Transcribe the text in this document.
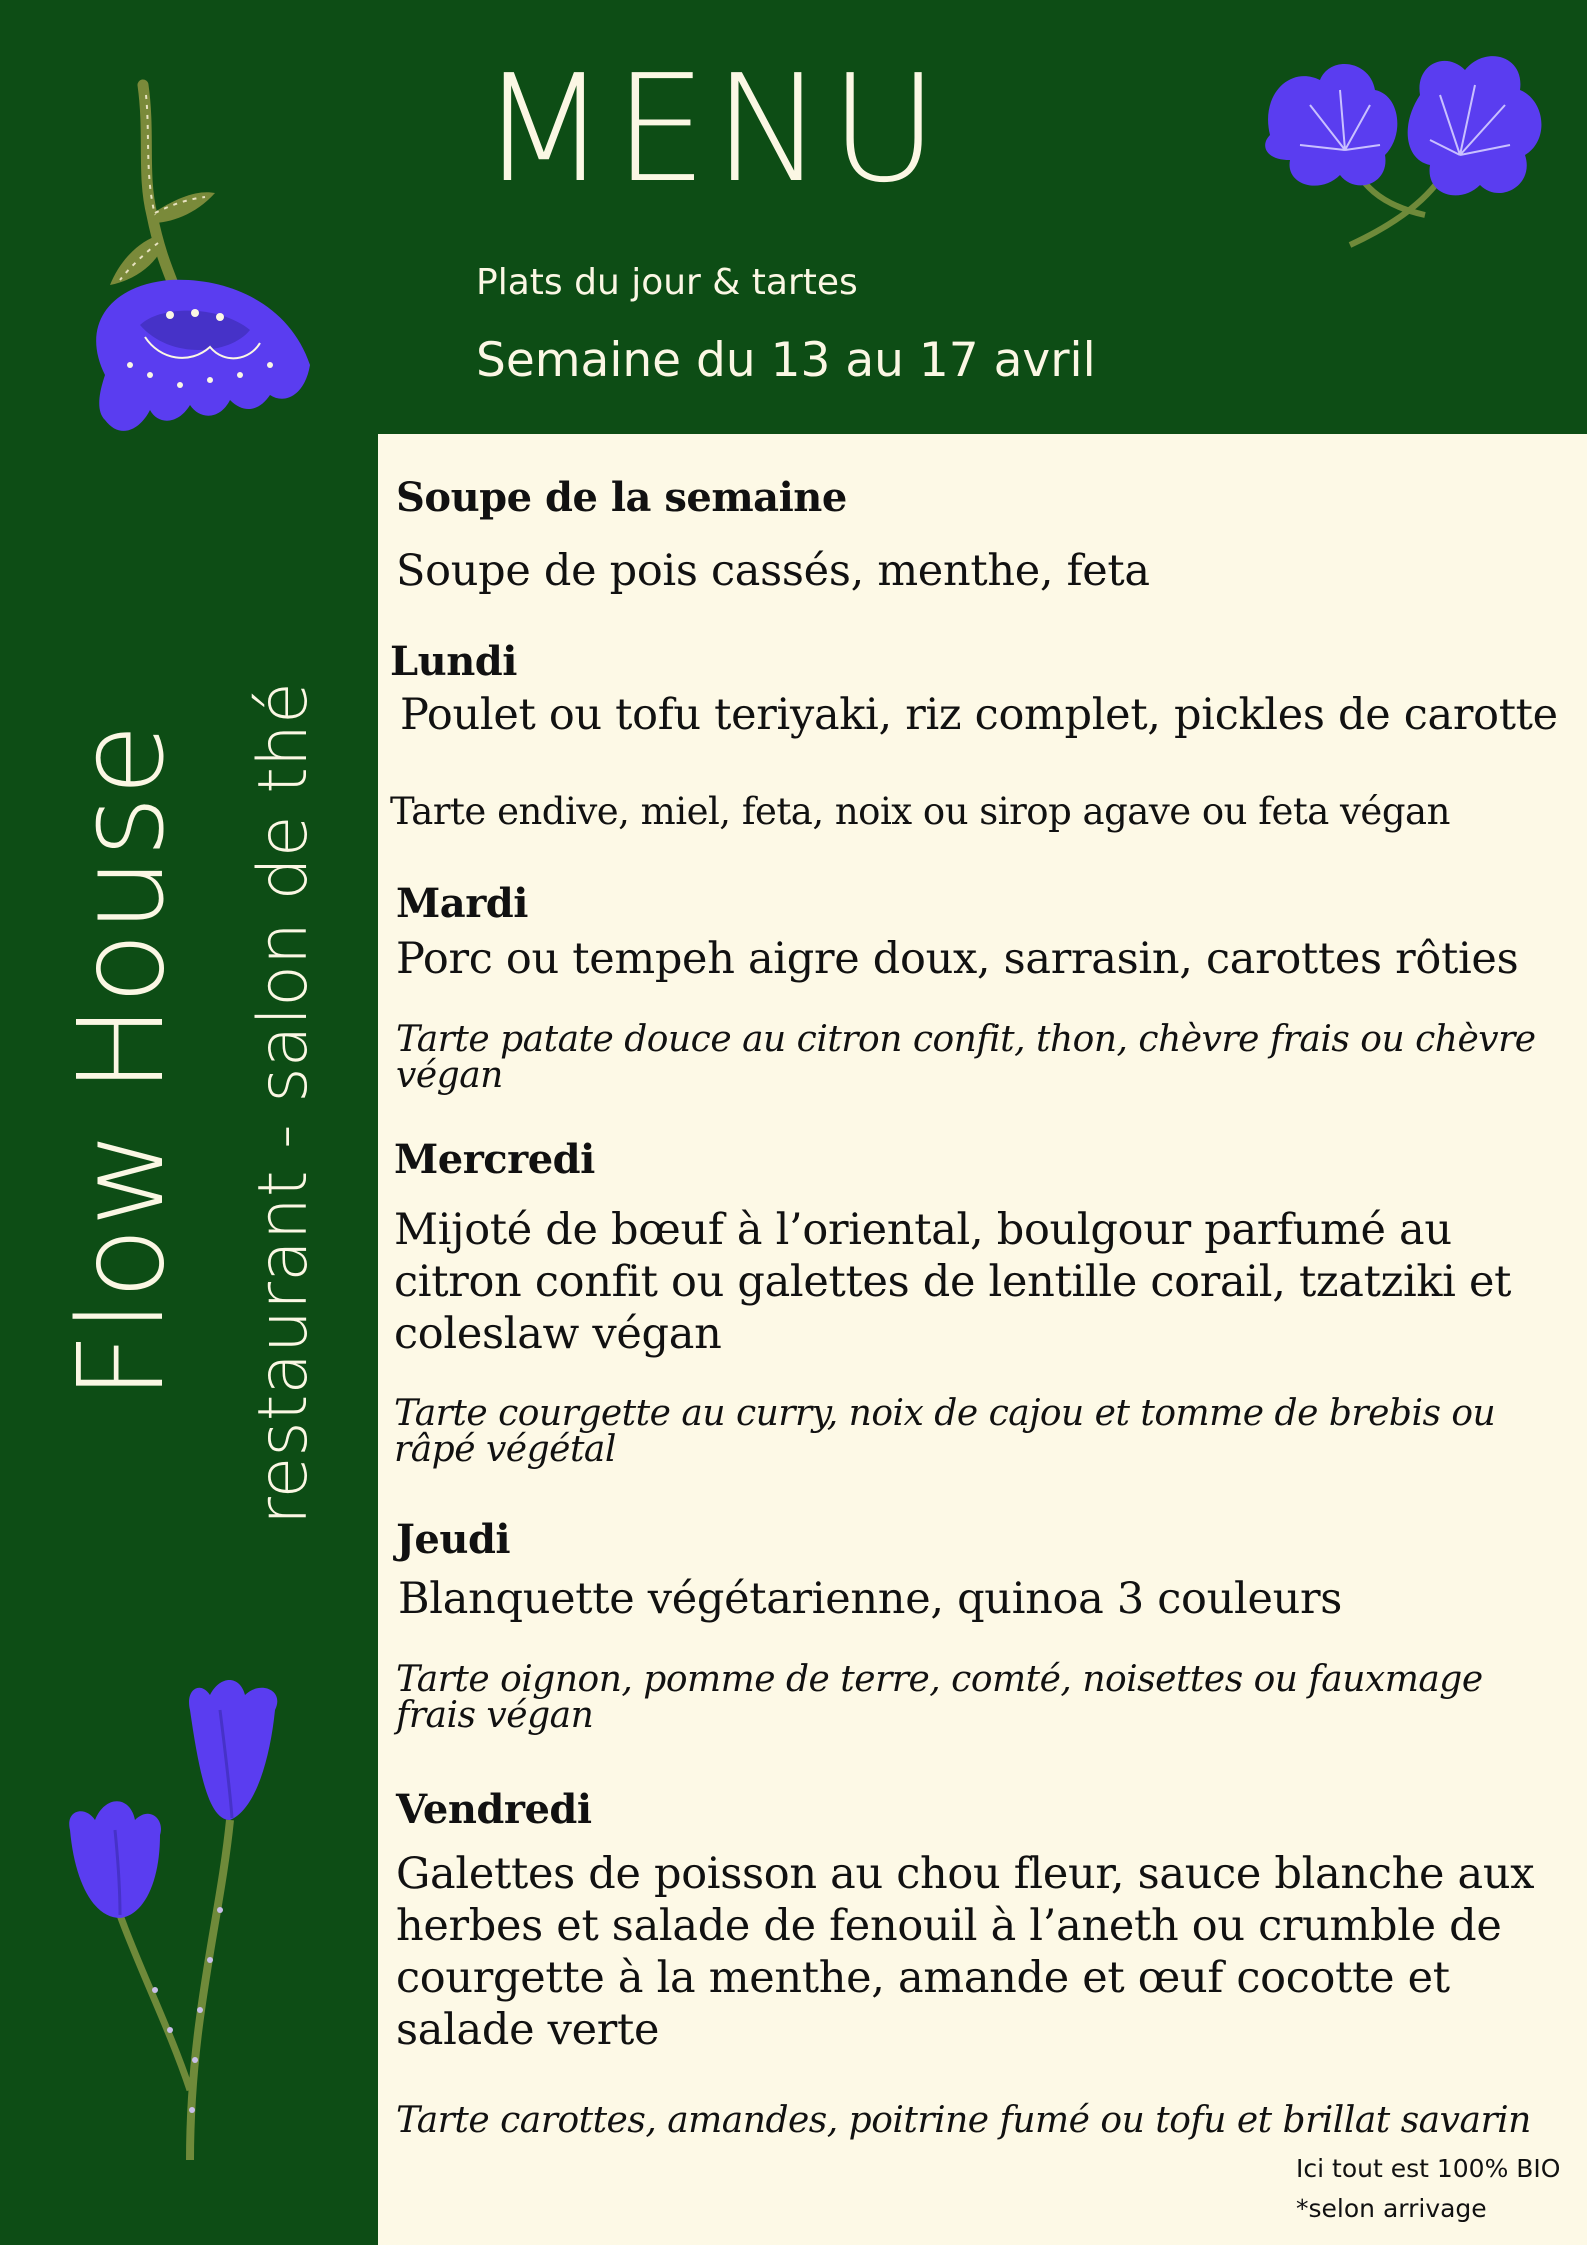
MENU
Plats du jour & tartes
Semaine du 13 au 17 avril
Flow House restaurant - salon de thé
Soupe de la semaine
Soupe de pois cassés, menthe, feta
Lundi
Poulet ou tofu teriyaki, riz complet, pickles de carotte
Tarte endive, miel, feta, noix ou sirop agave ou feta végan
Mardi
Porc ou tempeh aigre doux, sarrasin, carottes rôties
Tarte patate douce au citron confit, thon, chèvre frais ou chèvre végan
Mercredi
Mijoté de bœuf à l’oriental, boulgour parfumé au citron confit ou galettes de lentille corail, tzatziki et coleslaw végan
Tarte courgette au curry, noix de cajou et tomme de brebis ou râpé végétal
Jeudi
Blanquette végétarienne, quinoa 3 couleurs
Tarte oignon, pomme de terre, comté, noisettes ou fauxmage frais végan
Vendredi
Galettes de poisson au chou fleur, sauce blanche aux herbes et salade de fenouil à l’aneth ou crumble de courgette à la menthe, amande et œuf cocotte et salade verte
Tarte carottes, amandes, poitrine fumé ou tofu et brillat savarin
Ici tout est 100% BIO
*selon arrivage
